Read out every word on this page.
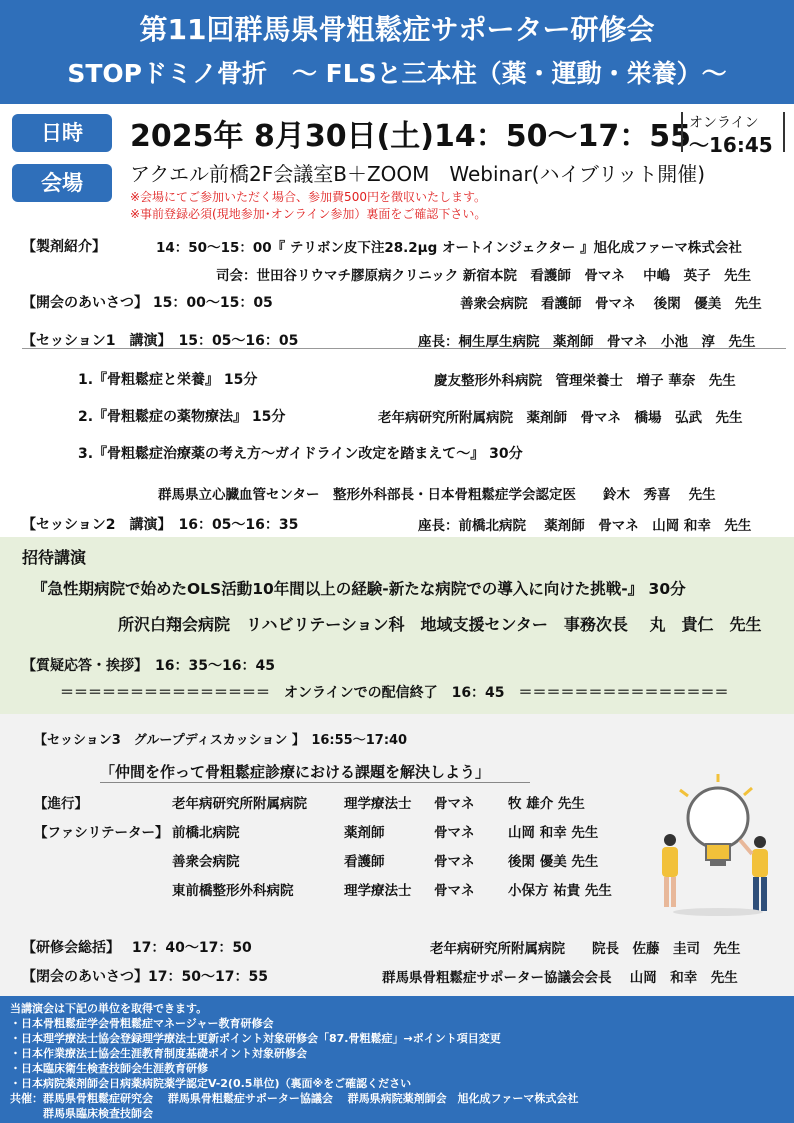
第11回群馬県骨粗鬆症サポーター研修会
STOPドミノ骨折　～ FLSと三本柱（薬・運動・栄養）～
日時	2025年 8月30日(土)14：50～17：55
オンライン
～16:45
会場	アクエル前橋2F会議室B＋ZOOM　Webinar(ハイブリット開催)
※会場にてご参加いただく場合、参加費500円を徴収いたします。
※事前登録必須(現地参加･オンライン参加）裏面をご確認下さい。
【製剤紹介】	14：50～15：00『 テリボン皮下注28.2μg オートインジェクター 』旭化成ファーマ株式会社
司会：世田谷リウマチ膠原病クリニック 新宿本院　看護師　骨マネ　 中嶋　英子　先生
【開会のあいさつ】 15：00～15：05	善衆会病院　看護師　骨マネ　 後閑　優美　先生
【セッション1　講演】　15：05～16：05	座長：桐生厚生病院　薬剤師　骨マネ　小池　淳　先生
1.『骨粗鬆症と栄養』 15分	慶友整形外科病院　管理栄養士　増子 華奈　先生
2.『骨粗鬆症の薬物療法』 15分	老年病研究所附属病院　薬剤師　骨マネ　橋場　弘武　先生
3.『骨粗鬆症治療薬の考え方～ガイドライン改定を踏まえて～』 30分
群馬県立心臓血管センター　整形外科部長・日本骨粗鬆症学会認定医　　鈴木　秀喜　 先生
【セッション2　講演】　16：05～16：35	座長：前橋北病院　 薬剤師　骨マネ　山岡 和幸　先生
招待講演
『急性期病院で始めたOLS活動10年間以上の経験-新たな病院での導入に向けた挑戦-』 30分
所沢白翔会病院　リハビリテーション科　地域支援センター　事務次長　 丸　貴仁　先生
【質疑応答・挨拶】　16：35～16：45
＝＝＝＝＝＝＝＝＝＝＝＝＝＝＝　オンラインでの配信終了　16：45　＝＝＝＝＝＝＝＝＝＝＝＝＝＝＝
【セッション3　グループディスカッション 】　16:55～17:40
「仲間を作って骨粗鬆症診療における課題を解決しよう」
【進行】	老年病研究所附属病院	理学療法士 骨マネ 牧 雄介 先生
【ファシリテーター】 前橋北病院	薬剤師	骨マネ 山岡 和幸 先生
善衆会病院	看護師	骨マネ 後閑 優美 先生
東前橋整形外科病院	理学療法士 骨マネ 小保方 祐貴 先生
【研修会総括】　 17：40～17：50	老年病研究所附属病院　　院長　佐藤　圭司　先生
【閉会のあいさつ】17：50～17：55	群馬県骨粗鬆症サポーター協議会会長　 山岡　和幸　先生
当講演会は下記の単位を取得できます。
・日本骨粗鬆症学会骨粗鬆症マネージャー教育研修会
・日本理学療法士協会登録理学療法士更新ポイント対象研修会「87.骨粗鬆症」→ポイント項目変更
・日本作業療法士協会生涯教育制度基礎ポイント対象研修会
・日本臨床衛生検査技師会生涯教育研修
・日本病院薬剤師会日病薬病院薬学認定V-2(0.5単位)（裏面※をご確認ください
共催：群馬県骨粗鬆症研究会　 群馬県骨粗鬆症サポーター協議会　 群馬県病院薬剤師会　旭化成ファーマ株式会社
　　　群馬県臨床検査技師会
